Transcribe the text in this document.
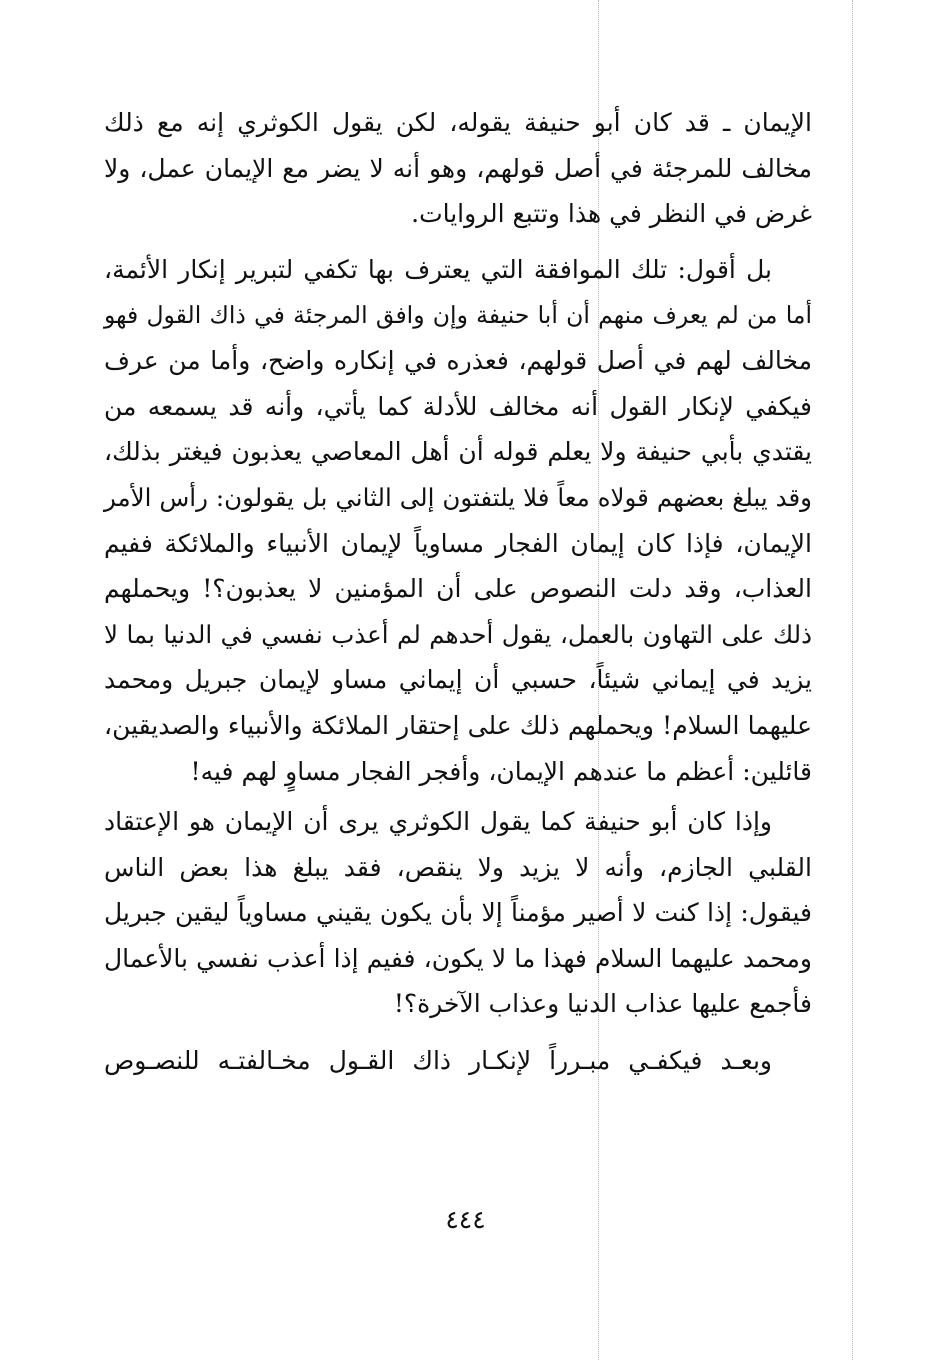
الإيمان ـ قد كان أبو حنيفة يقوله، لكن يقول الكوثري إنه مع ذلك
مخالف للمرجئة في أصل قولهم، وهو أنه لا يضر مع الإيمان عمل، ولا
غرض في النظر في هذا وتتبع الروايات.
بل أقول: تلك الموافقة التي يعترف بها تكفي لتبرير إنكار الأئمة،
أما من لم يعرف منهم أن أبا حنيفة وإن وافق المرجئة في ذاك القول فهو
مخالف لهم في أصل قولهم، فعذره في إنكاره واضح، وأما من عرف
فيكفي لإنكار القول أنه مخالف للأدلة كما يأتي، وأنه قد يسمعه من
يقتدي بأبي حنيفة ولا يعلم قوله أن أهل المعاصي يعذبون فيغتر بذلك،
وقد يبلغ بعضهم قولاه معاً فلا يلتفتون إلى الثاني بل يقولون: رأس الأمر
الإيمان، فإذا كان إيمان الفجار مساوياً لإيمان الأنبياء والملائكة ففيم
العذاب، وقد دلت النصوص على أن المؤمنين لا يعذبون؟! ويحملهم
ذلك على التهاون بالعمل، يقول أحدهم لم أعذب نفسي في الدنيا بما لا
يزيد في إيماني شيئاً، حسبي أن إيماني مساو لإيمان جبريل ومحمد
عليهما السلام! ويحملهم ذلك على إحتقار الملائكة والأنبياء والصديقين،
قائلين: أعظم ما عندهم الإيمان، وأفجر الفجار مساوٍ لهم فيه!
وإذا كان أبو حنيفة كما يقول الكوثري يرى أن الإيمان هو الإعتقاد
القلبي الجازم، وأنه لا يزيد ولا ينقص، فقد يبلغ هذا بعض الناس
فيقول: إذا كنت لا أصير مؤمناً إلا بأن يكون يقيني مساوياً ليقين جبريل
ومحمد عليهما السلام فهذا ما لا يكون، ففيم إذا أعذب نفسي بالأعمال
فأجمع عليها عذاب الدنيا وعذاب الآخرة؟!
وبعـد فيكفـي مبـرراً لإنكـار ذاك القـول مخـالفتـه للنصـوص
٤٤٤
